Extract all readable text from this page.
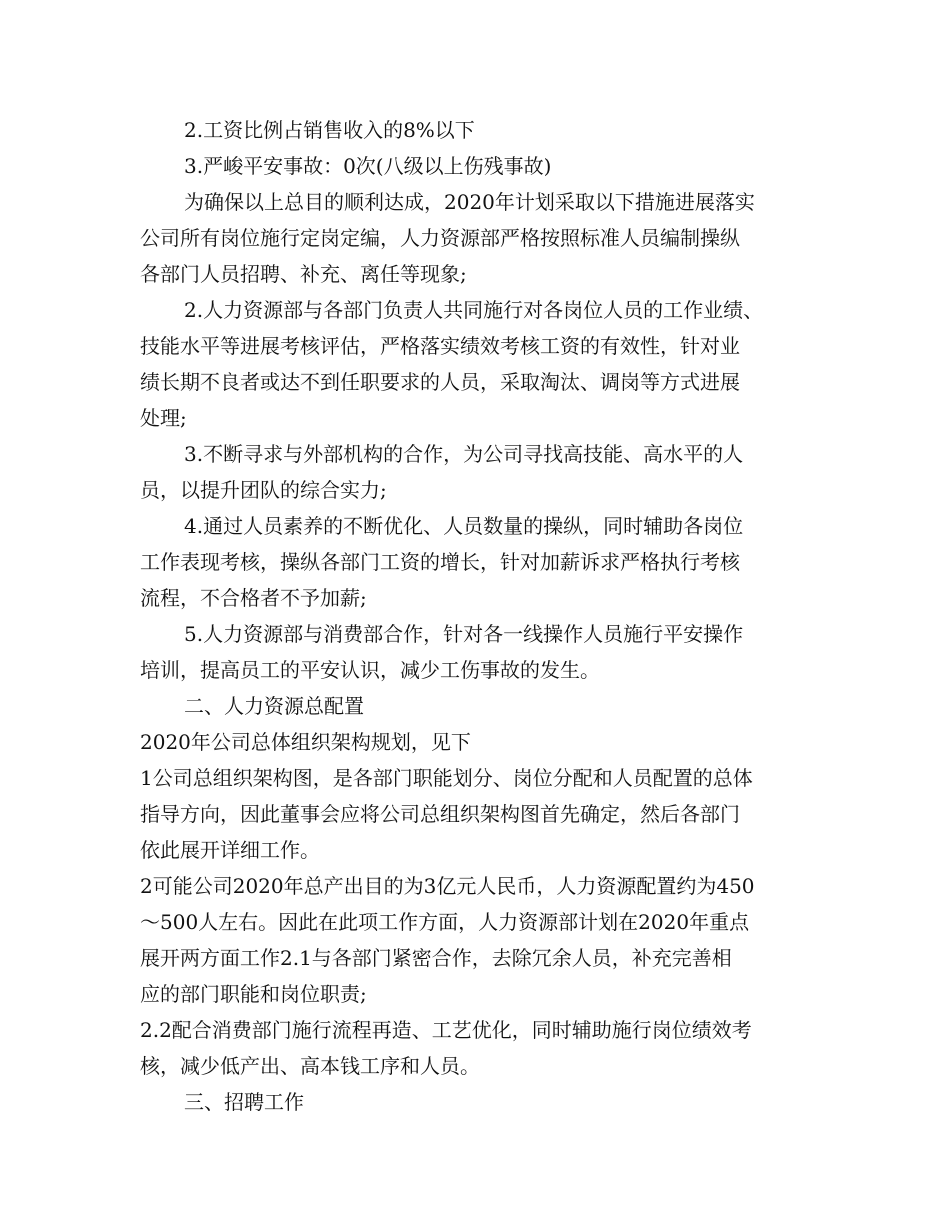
2.工资比例占销售收入的8%以下
3.严峻平安事故：0次(八级以上伤残事故)
为确保以上总目的顺利达成，2020年计划采取以下措施进展落实
公司所有岗位施行定岗定编，人力资源部严格按照标准人员编制操纵
各部门人员招聘、补充、离任等现象;
2.人力资源部与各部门负责人共同施行对各岗位人员的工作业绩、
技能水平等进展考核评估，严格落实绩效考核工资的有效性，针对业
绩长期不良者或达不到任职要求的人员，采取淘汰、调岗等方式进展
处理;
3.不断寻求与外部机构的合作，为公司寻找高技能、高水平的人
员，以提升团队的综合实力;
4.通过人员素养的不断优化、人员数量的操纵，同时辅助各岗位
工作表现考核，操纵各部门工资的增长，针对加薪诉求严格执行考核
流程，不合格者不予加薪;
5.人力资源部与消费部合作，针对各一线操作人员施行平安操作
培训，提高员工的平安认识，减少工伤事故的发生。
二、人力资源总配置
2020年公司总体组织架构规划，见下
1公司总组织架构图，是各部门职能划分、岗位分配和人员配置的总体
指导方向，因此董事会应将公司总组织架构图首先确定，然后各部门
依此展开详细工作。
2可能公司2020年总产出目的为3亿元人民币，人力资源配置约为450
～500人左右。因此在此项工作方面，人力资源部计划在2020年重点
展开两方面工作2.1与各部门紧密合作，去除冗余人员，补充完善相
应的部门职能和岗位职责;
2.2配合消费部门施行流程再造、工艺优化，同时辅助施行岗位绩效考
核，减少低产出、高本钱工序和人员。
三、招聘工作
